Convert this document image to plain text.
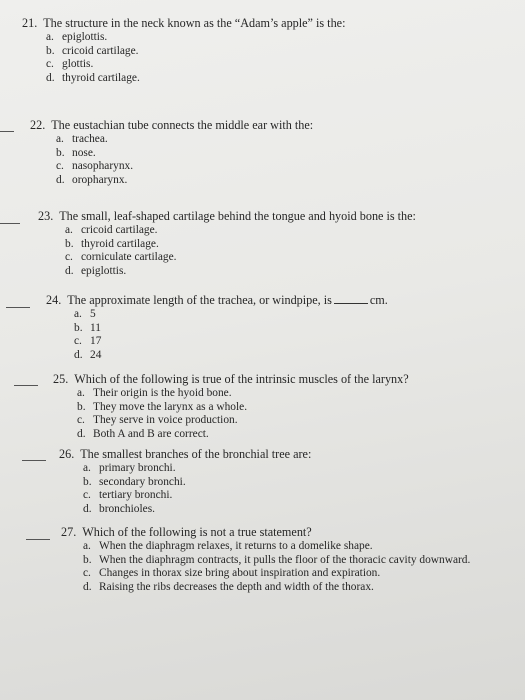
21. The structure in the neck known as the “Adam’s apple” is the:
a. epiglottis.
b. cricoid cartilage.
c. glottis.
d. thyroid cartilage.
22. The eustachian tube connects the middle ear with the:
a. trachea.
b. nose.
c. nasopharynx.
d. oropharynx.
23. The small, leaf-shaped cartilage behind the tongue and hyoid bone is the:
a. cricoid cartilage.
b. thyroid cartilage.
c. corniculate cartilage.
d. epiglottis.
24. The approximate length of the trachea, or windpipe, is	cm.
a. 5
b. 11
c. 17
d. 24
25. Which of the following is true of the intrinsic muscles of the larynx?
a. Their origin is the hyoid bone.
b. They move the larynx as a whole.
c. They serve in voice production.
d. Both A and B are correct.
26. The smallest branches of the bronchial tree are:
a. primary bronchi.
b. secondary bronchi.
c. tertiary bronchi.
d. bronchioles.
27. Which of the following is not a true statement?
a. When the diaphragm relaxes, it returns to a domelike shape.
b. When the diaphragm contracts, it pulls the floor of the thoracic cavity downward.
c. Changes in thorax size bring about inspiration and expiration.
d. Raising the ribs decreases the depth and width of the thorax.
